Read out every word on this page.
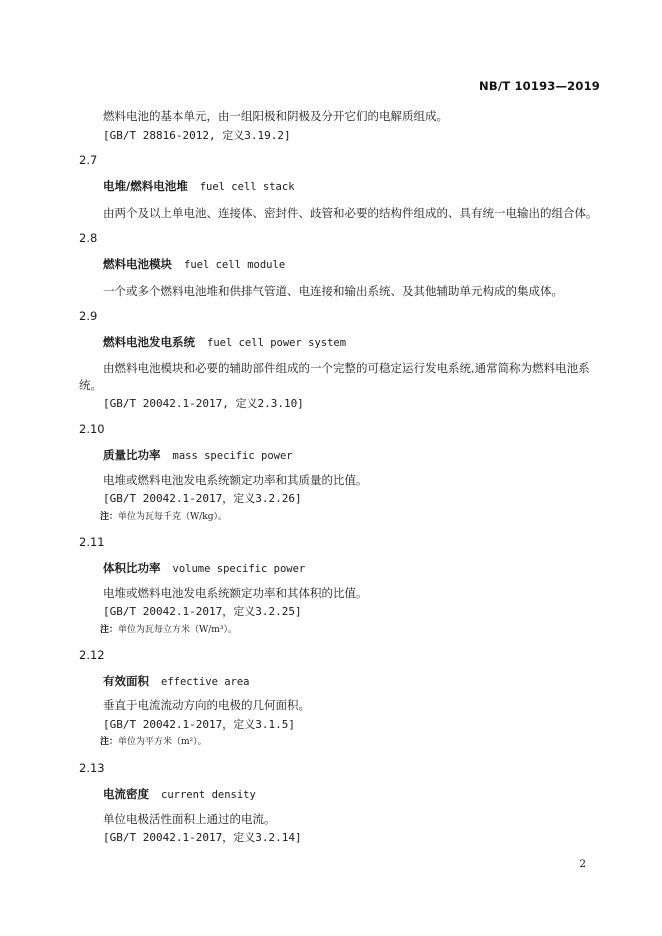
NB/T 10193—2019
燃料电池的基本单元，由一组阳极和阴极及分开它们的电解质组成。
[GB/T 28816-2012, 定义3.19.2]
2.7
电堆/燃料电池堆 fuel cell stack
由两个及以上单电池、连接体、密封件、歧管和必要的结构件组成的、具有统一电输出的组合体。
2.8
燃料电池模块 fuel cell module
一个或多个燃料电池堆和供排气管道、电连接和输出系统、及其他辅助单元构成的集成体。
2.9
燃料电池发电系统 fuel cell power system
由燃料电池模块和必要的辅助部件组成的一个完整的可稳定运行发电系统,通常简称为燃料电池系
统。
[GB/T 20042.1-2017, 定义2.3.10]
2.10
质量比功率 mass specific power
电堆或燃料电池发电系统额定功率和其质量的比值。
[GB/T 20042.1-2017，定义3.2.26]
注：单位为瓦每千克（W/kg）。
2.11
体积比功率 volume specific power
电堆或燃料电池发电系统额定功率和其体积的比值。
[GB/T 20042.1-2017，定义3.2.25]
注：单位为瓦每立方米（W/m³）。
2.12
有效面积 effective area
垂直于电流流动方向的电极的几何面积。
[GB/T 20042.1-2017，定义3.1.5]
注：单位为平方米（m²）。
2.13
电流密度 current density
单位电极活性面积上通过的电流。
[GB/T 20042.1-2017，定义3.2.14]
2
